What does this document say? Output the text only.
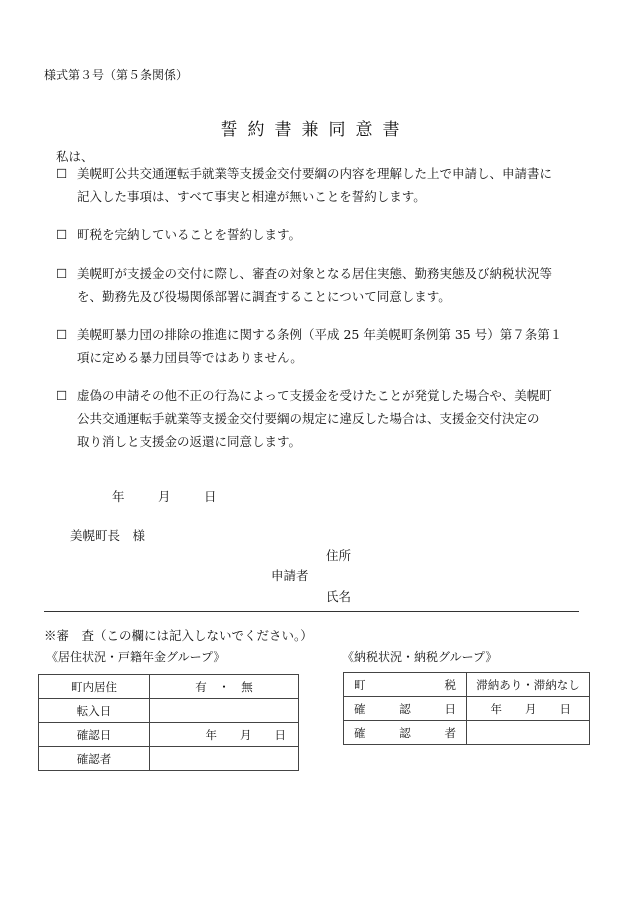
様式第３号（第５条関係）
誓約書兼同意書
私は、
☐ 美幌町公共交通運転手就業等支援金交付要綱の内容を理解した上で申請し、申請書に
記入した事項は、すべて事実と相違が無いことを誓約します。
☐ 町税を完納していることを誓約します。
☐ 美幌町が支援金の交付に際し、審査の対象となる居住実態、勤務実態及び納税状況等
を、勤務先及び役場関係部署に調査することについて同意します。
☐ 美幌町暴力団の排除の推進に関する条例（平成 25 年美幌町条例第 35 号）第７条第１
項に定める暴力団員等ではありません。
☐ 虚偽の申請その他不正の行為によって支援金を受けたことが発覚した場合や、美幌町
公共交通運転手就業等支援金交付要綱の規定に違反した場合は、支援金交付決定の
取り消しと支援金の返還に同意します。
年	月	日
美幌町長　様
住所
申請者
氏名
※審　査（この欄には記入しないでください。）
《居住状況・戸籍年金グループ》	《納税状況・納税グループ》
町内居住	有　・　無
転入日	
確認日	年　　月　　日
確認者	
町 税	滞納あり・滞納なし

確 認 日	年　　月　　日

確 認 者	
